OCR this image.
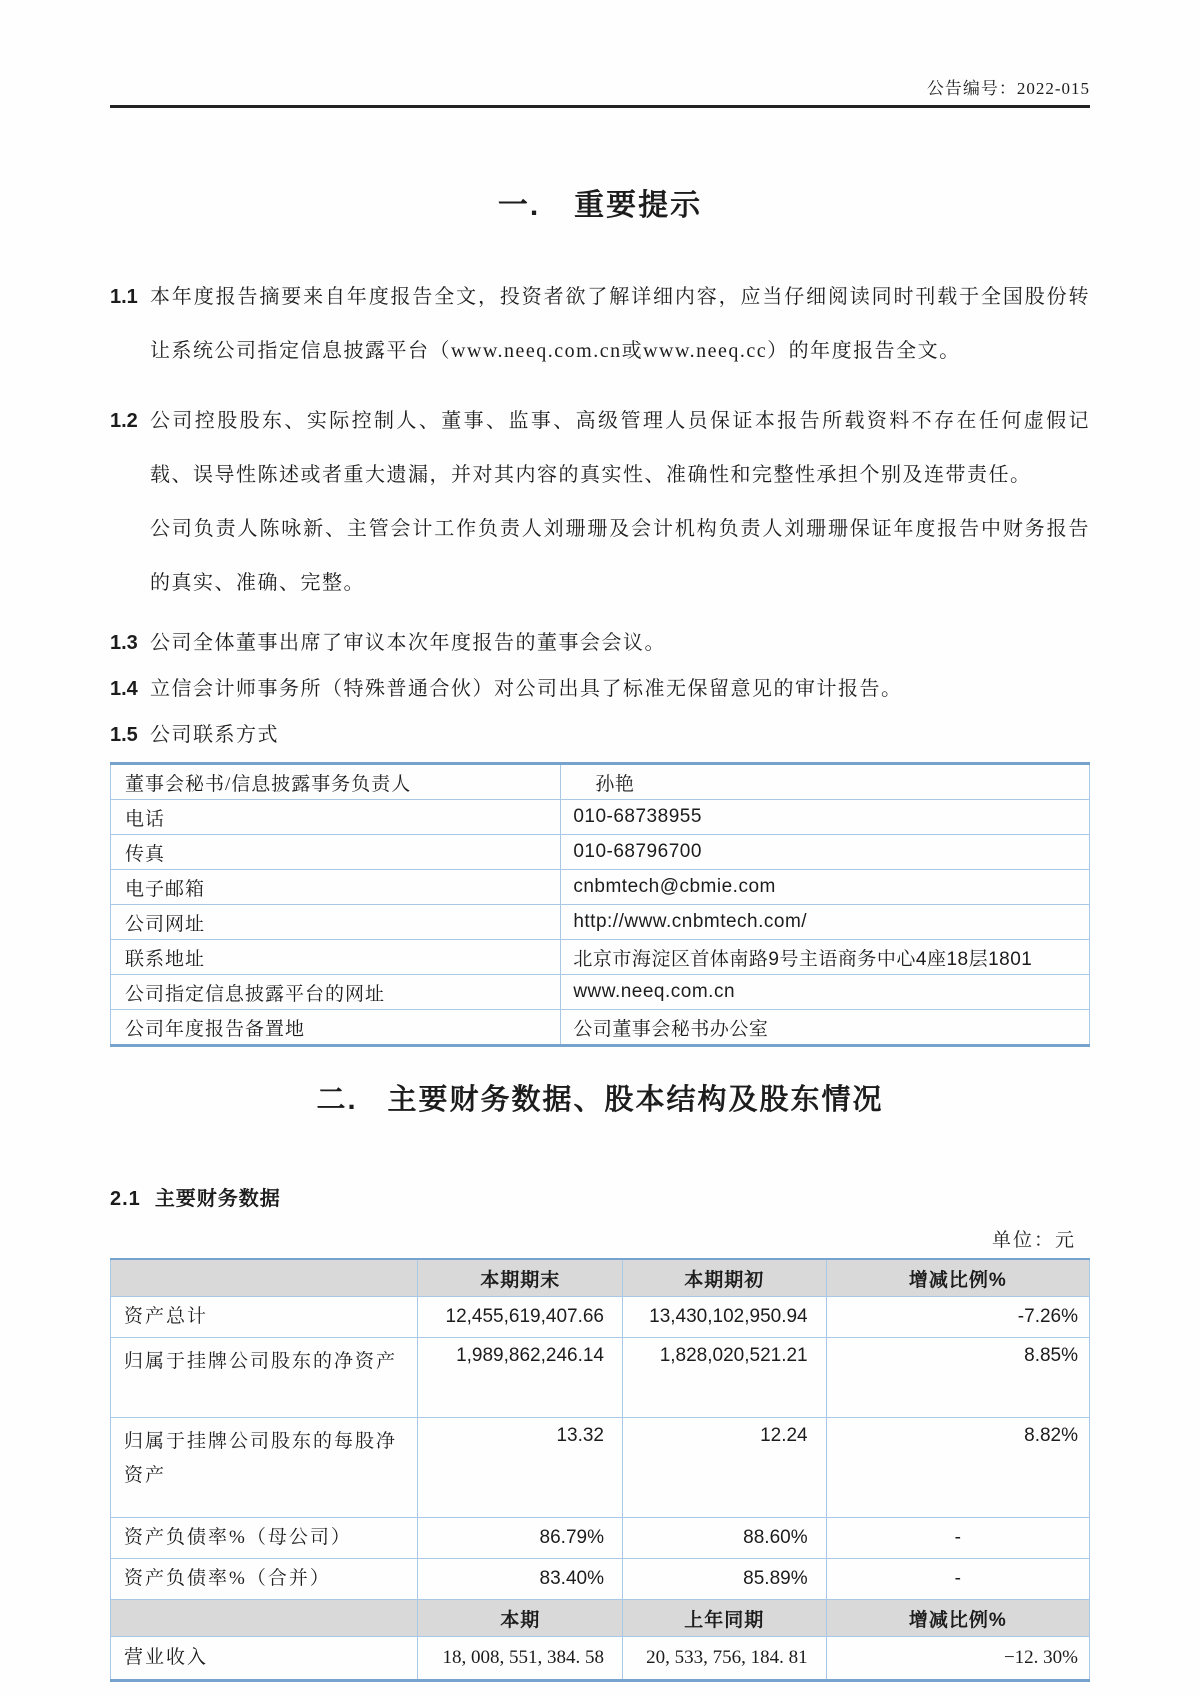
公告编号：2022-015
一. 重要提示
1.1 本年度报告摘要来自年度报告全文，投资者欲了解详细内容，应当仔细阅读同时刊载于全国股份转让系统公司指定信息披露平台（www.neeq.com.cn或www.neeq.cc）的年度报告全文。
1.2 公司控股股东、实际控制人、董事、监事、高级管理人员保证本报告所载资料不存在任何虚假记载、误导性陈述或者重大遗漏，并对其内容的真实性、准确性和完整性承担个别及连带责任。
公司负责人陈咏新、主管会计工作负责人刘珊珊及会计机构负责人刘珊珊保证年度报告中财务报告的真实、准确、完整。
1.3 公司全体董事出席了审议本次年度报告的董事会会议。
1.4 立信会计师事务所（特殊普通合伙）对公司出具了标准无保留意见的审计报告。
1.5 公司联系方式
董事会秘书/信息披露事务负责人	孙艳
电话	010-68738955
传真	010-68796700
电子邮箱	cnbmtech@cbmie.com
公司网址	http://www.cnbmtech.com/
联系地址	北京市海淀区首体南路9号主语商务中心4座18层1801
公司指定信息披露平台的网址	www.neeq.com.cn
公司年度报告备置地	公司董事会秘书办公室
二. 主要财务数据、股本结构及股东情况
2.1 主要财务数据
单位：元
	本期期末	本期期初	增减比例%
资产总计	12,455,619,407.66	13,430,102,950.94	-7.26%
归属于挂牌公司股东的净资产	1,989,862,246.14	1,828,020,521.21	8.85%
归属于挂牌公司股东的每股净资产	13.32	12.24	8.82%
资产负债率%（母公司）	86.79%	88.60%	-
资产负债率%（合并）	83.40%	85.89%	-
	本期	上年同期	增减比例%
营业收入	18, 008, 551, 384. 58	20, 533, 756, 184. 81	−12. 30%
